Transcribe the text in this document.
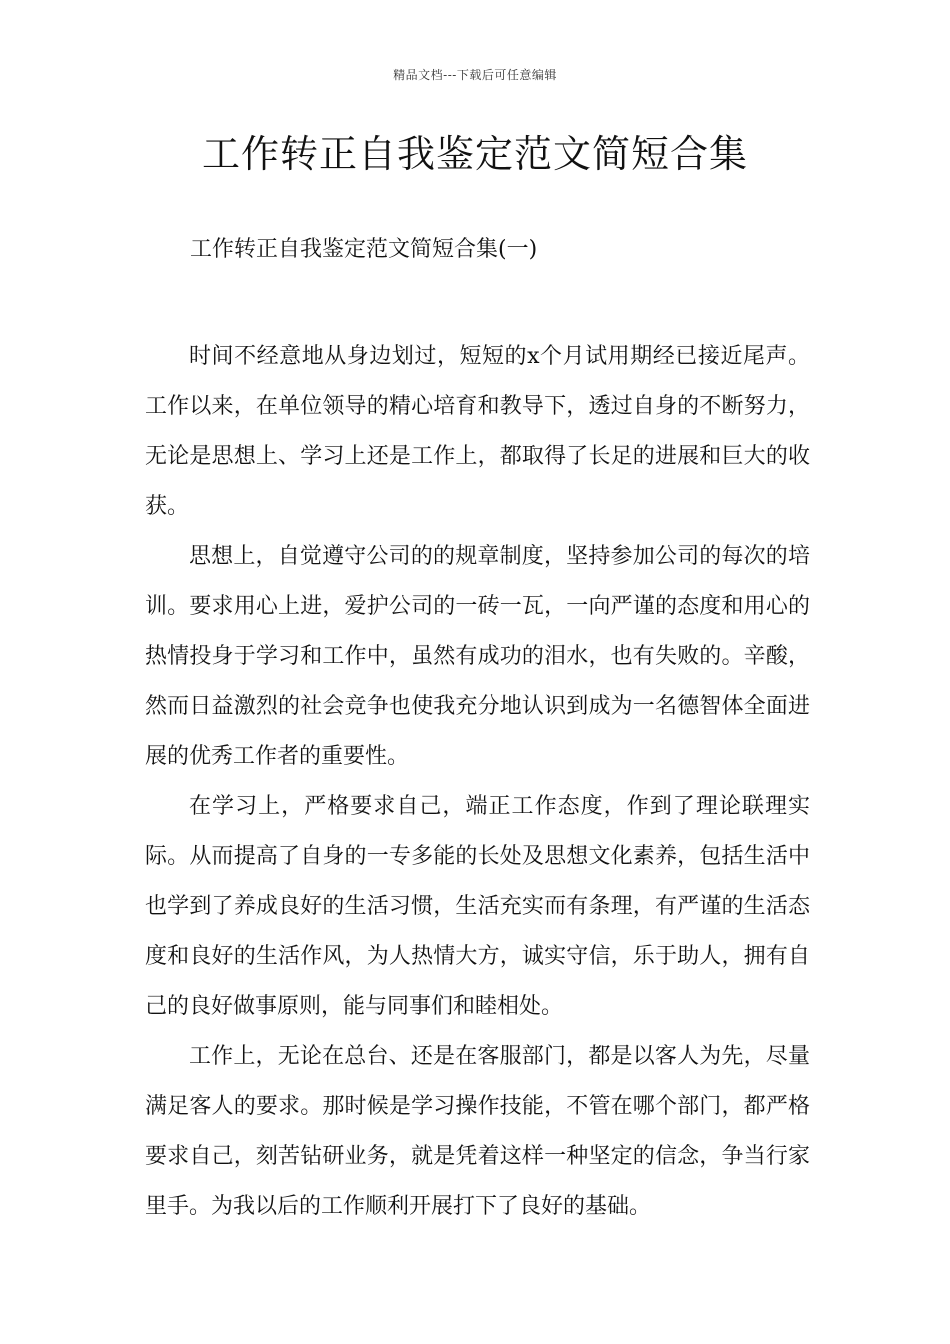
精品文档---下载后可任意编辑
工作转正自我鉴定范文简短合集

工作转正自我鉴定范文简短合集(一)

时间不经意地从身边划过，短短的x个月试用期经已接近尾声。工作以来，在单位领导的精心培育和教导下，透过自身的不断努力，无论是思想上、学习上还是工作上，都取得了长足的进展和巨大的收获。

思想上，自觉遵守公司的的规章制度，坚持参加公司的每次的培训。要求用心上进，爱护公司的一砖一瓦，一向严谨的态度和用心的热情投身于学习和工作中，虽然有成功的泪水，也有失败的。辛酸，然而日益激烈的社会竞争也使我充分地认识到成为一名德智体全面进展的优秀工作者的重要性。

在学习上，严格要求自己，端正工作态度，作到了理论联理实际。从而提高了自身的一专多能的长处及思想文化素养，包括生活中也学到了养成良好的生活习惯，生活充实而有条理，有严谨的生活态度和良好的生活作风，为人热情大方，诚实守信，乐于助人，拥有自己的良好做事原则，能与同事们和睦相处。

工作上，无论在总台、还是在客服部门，都是以客人为先，尽量满足客人的要求。那时候是学习操作技能，不管在哪个部门，都严格要求自己，刻苦钻研业务，就是凭着这样一种坚定的信念，争当行家里手。为我以后的工作顺利开展打下了良好的基础。
